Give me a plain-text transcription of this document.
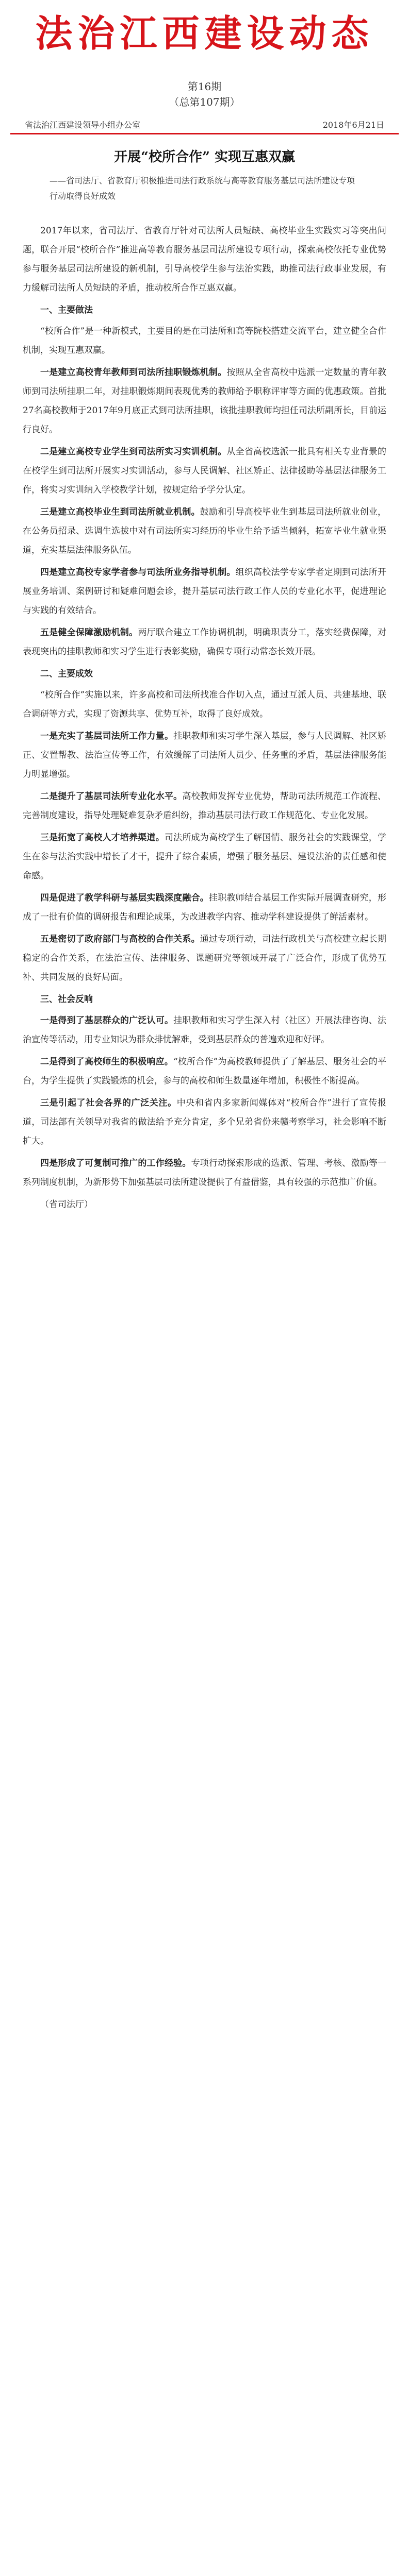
法治江西建设动态
第16期
（总第107期）
省法治江西建设领导小组办公室	2018年6月21日
开展“校所合作” 实现互惠双赢
——省司法厅、省教育厅积极推进司法行政系统与高等教育服务基层司法所建设专项行动取得良好成效

2017年以来，省司法厅、省教育厅针对司法所人员短缺、高校毕业生实践实习等突出问题，联合开展“校所合作”推进高等教育服务基层司法所建设专项行动，探索高校依托专业优势参与服务基层司法所建设的新机制，引导高校学生参与法治实践，助推司法行政事业发展，有力缓解司法所人员短缺的矛盾，推动校所合作互惠双赢。

一、主要做法

“校所合作”是一种新模式，主要目的是在司法所和高等院校搭建交流平台，建立健全合作机制，实现互惠双赢。

一是建立高校青年教师到司法所挂职锻炼机制。按照从全省高校中选派一定数量的青年教师到司法所挂职二年，对挂职锻炼期间表现优秀的教师给予职称评审等方面的优惠政策。首批27名高校教师于2017年9月底正式到司法所挂职，该批挂职教师均担任司法所副所长，目前运行良好。

二是建立高校专业学生到司法所实习实训机制。从全省高校选派一批具有相关专业背景的在校学生到司法所开展实习实训活动，参与人民调解、社区矫正、法律援助等基层法律服务工作，将实习实训纳入学校教学计划，按规定给予学分认定。

三是建立高校毕业生到司法所就业机制。鼓励和引导高校毕业生到基层司法所就业创业，在公务员招录、选调生选拔中对有司法所实习经历的毕业生给予适当倾斜，拓宽毕业生就业渠道，充实基层法律服务队伍。

四是建立高校专家学者参与司法所业务指导机制。组织高校法学专家学者定期到司法所开展业务培训、案例研讨和疑难问题会诊，提升基层司法行政工作人员的专业化水平，促进理论与实践的有效结合。

五是健全保障激励机制。两厅联合建立工作协调机制，明确职责分工，落实经费保障，对表现突出的挂职教师和实习学生进行表彰奖励，确保专项行动常态长效开展。

二、主要成效

“校所合作”实施以来，许多高校和司法所找准合作切入点，通过互派人员、共建基地、联合调研等方式，实现了资源共享、优势互补，取得了良好成效。

一是充实了基层司法所工作力量。挂职教师和实习学生深入基层，参与人民调解、社区矫正、安置帮教、法治宣传等工作，有效缓解了司法所人员少、任务重的矛盾，基层法律服务能力明显增强。

二是提升了基层司法所专业化水平。高校教师发挥专业优势，帮助司法所规范工作流程、完善制度建设，指导处理疑难复杂矛盾纠纷，推动基层司法行政工作规范化、专业化发展。

三是拓宽了高校人才培养渠道。司法所成为高校学生了解国情、服务社会的实践课堂，学生在参与法治实践中增长了才干，提升了综合素质，增强了服务基层、建设法治的责任感和使命感。

四是促进了教学科研与基层实践深度融合。挂职教师结合基层工作实际开展调查研究，形成了一批有价值的调研报告和理论成果，为改进教学内容、推动学科建设提供了鲜活素材。

五是密切了政府部门与高校的合作关系。通过专项行动，司法行政机关与高校建立起长期稳定的合作关系，在法治宣传、法律服务、课题研究等领域开展了广泛合作，形成了优势互补、共同发展的良好局面。

三、社会反响

一是得到了基层群众的广泛认可。挂职教师和实习学生深入村（社区）开展法律咨询、法治宣传等活动，用专业知识为群众排忧解难，受到基层群众的普遍欢迎和好评。

二是得到了高校师生的积极响应。“校所合作”为高校教师提供了了解基层、服务社会的平台，为学生提供了实践锻炼的机会，参与的高校和师生数量逐年增加，积极性不断提高。

三是引起了社会各界的广泛关注。中央和省内多家新闻媒体对“校所合作”进行了宣传报道，司法部有关领导对我省的做法给予充分肯定，多个兄弟省份来赣考察学习，社会影响不断扩大。

四是形成了可复制可推广的工作经验。专项行动探索形成的选派、管理、考核、激励等一系列制度机制，为新形势下加强基层司法所建设提供了有益借鉴，具有较强的示范推广价值。

（省司法厅）
